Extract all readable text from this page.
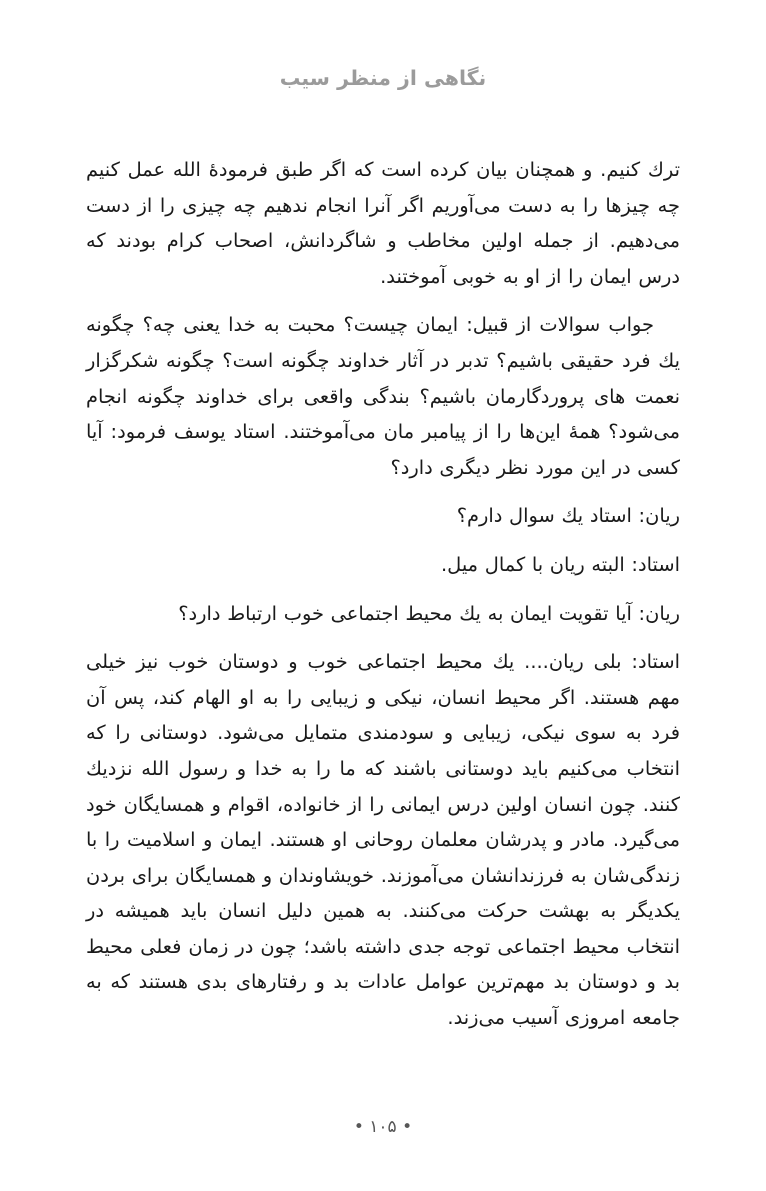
نگاهی از منظر سیب

ترك كنیم. و همچنان بیان كرده است كه اگر طبق فرمودهٔ الله عمل كنیم چه چیزها را به دست می‌آوریم اگر آنرا انجام ندهیم چه چیزی را از دست می‌دهیم. از جمله اولین مخاطب و شاگردانش، اصحاب كرام بودند كه درس ایمان را از او به خوبی آموختند.

جواب سوالات از قبیل: ایمان چیست؟ محبت به خدا یعنی چه؟ چگونه یك فرد حقیقی باشیم؟ تدبر در آثار خداوند چگونه است؟ چگونه شكرگزار نعمت های پروردگارمان باشیم؟ بندگی واقعی برای خداوند چگونه انجام می‌شود؟ همهٔ این‌ها را از پیامبر مان می‌آموختند. استاد یوسف فرمود: آیا كسی در این مورد نظر دیگری دارد؟

ریان: استاد یك سوال دارم؟

استاد: البته ریان با كمال میل.

ریان: آیا تقویت ایمان به یك محیط اجتماعی خوب ارتباط دارد؟

استاد: بلی ریان.... یك محیط اجتماعی خوب و دوستان خوب نیز خیلی مهم هستند. اگر محیط انسان، نیكی و زیبایی را به او الهام كند، پس آن فرد به سوی نیكی، زیبایی و سودمندی متمایل می‌شود. دوستانی را كه انتخاب می‌كنیم باید دوستانی باشند كه ما را به خدا و رسول الله نزدیك كنند. چون انسان اولین درس ایمانی را از خانواده، اقوام و همسایگان خود می‌گیرد. مادر و پدرشان معلمان روحانی او هستند. ایمان و اسلامیت را با زندگی‌شان به فرزندانشان می‌آموزند. خویشاوندان و همسایگان برای بردن یكدیگر به بهشت حركت می‌كنند. به همین دلیل انسان باید همیشه در انتخاب محیط اجتماعی توجه جدی داشته باشد؛ چون در زمان فعلی محیط بد و دوستان بد مهم‌ترین عوامل عادات بد و رفتارهای بدی هستند كه به جامعه امروزی آسیب می‌زند.

• ۱۰۵ •
